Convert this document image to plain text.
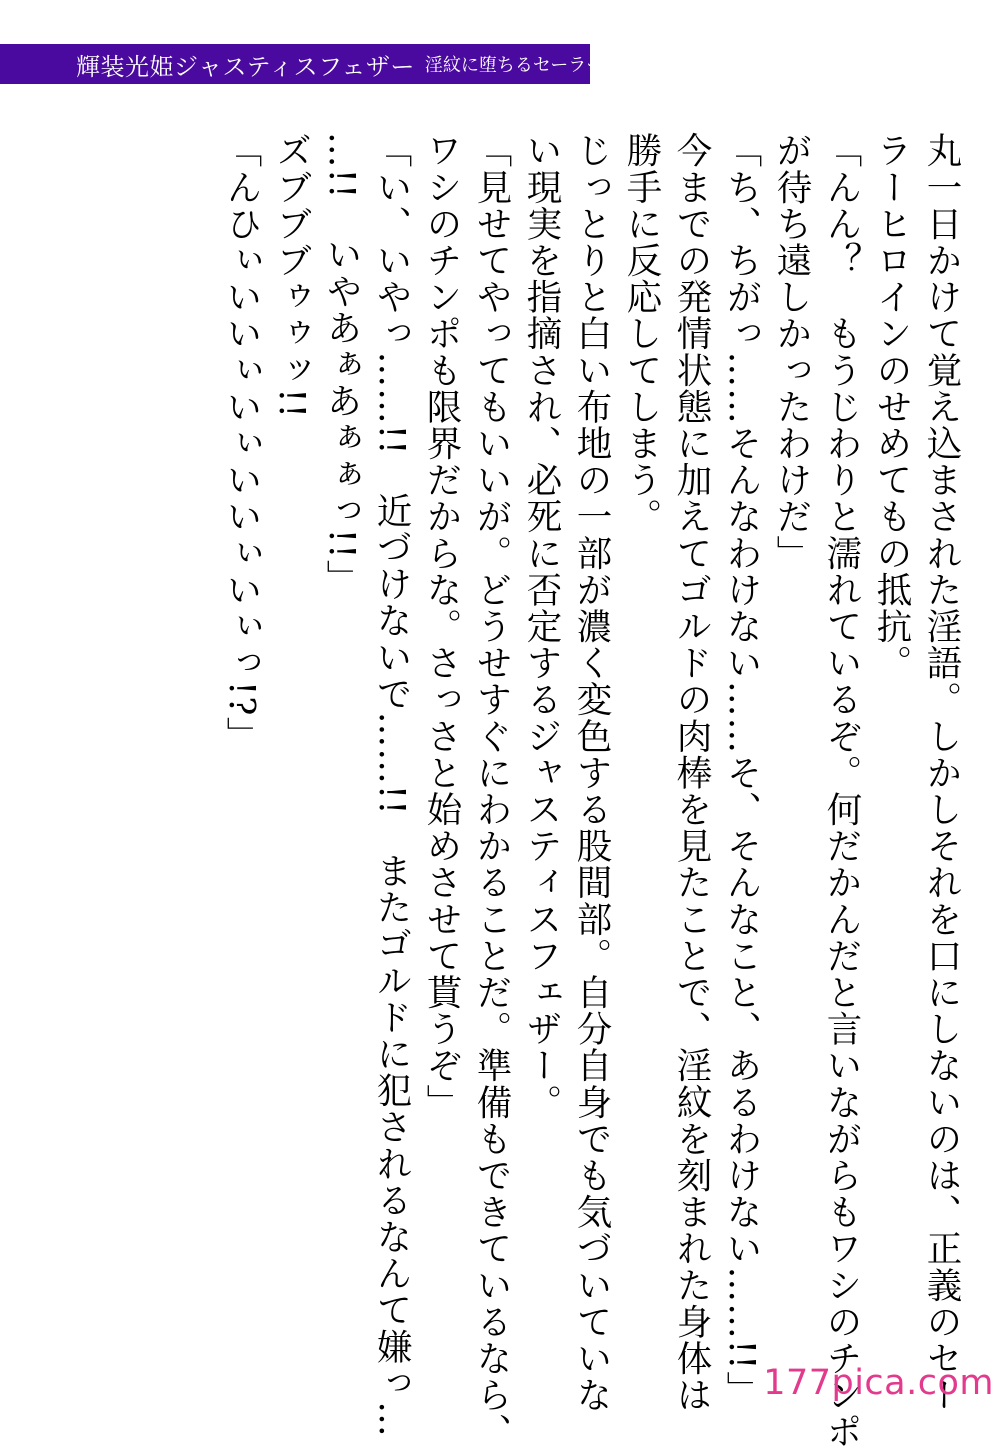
輝装光姫ジャスティスフェザー 淫紋に堕ちるセーラーヒロイン
丸一日かけて覚え込まされた淫語。しかしそれを口にしないのは、正義のセー
ラーヒロインのせめてもの抵抗。
「んん？　もうじわりと濡れているぞ。何だかんだと言いながらもワシのチンポ
が待ち遠しかったわけだ」
「ち、ちがっ……そんなわけない……そ、そんなこと、あるわけない……!!」
今までの発情状態に加えてゴルドの肉棒を見たことで、淫紋を刻まれた身体は
勝手に反応してしまう。
じっとりと白い布地の一部が濃く変色する股間部。自分自身でも気づいていな
い現実を指摘され、必死に否定するジャスティスフェザー。
「見せてやってもいいが。どうせすぐにわかることだ。準備もできているなら、
ワシのチンポも限界だからな。さっさと始めさせて貰うぞ」
「い、いやっ……!!　近づけないで……!!　またゴルドに犯されるなんて嫌っ…
…!!　いやあぁあぁぁっ!!」
ズブブブゥゥッ!!
「んひぃいいぃいぃいいぃいぃっ!?」
177pica.com
